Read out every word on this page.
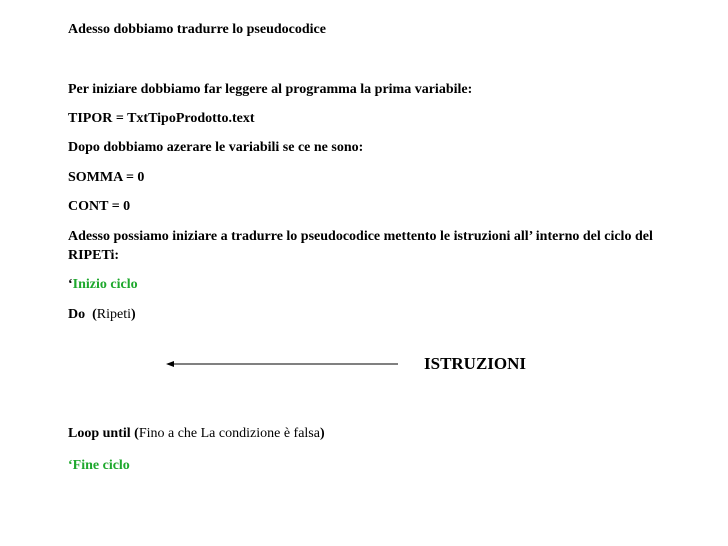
Adesso dobbiamo tradurre lo pseudocodice
Per iniziare dobbiamo far leggere al programma la prima variabile:
TIPOR = TxtTipoProdotto.text
Dopo dobbiamo azerare le variabili se ce ne sono:
SOMMA = 0
CONT = 0
Adesso possiamo iniziare a tradurre lo pseudocodice mettento le istruzioni all’ interno del ciclo del RIPETi:
‘Inizio ciclo
Do (Ripeti)
ISTRUZIONI
Loop until (Fino a che La condizione è falsa)
‘Fine ciclo
